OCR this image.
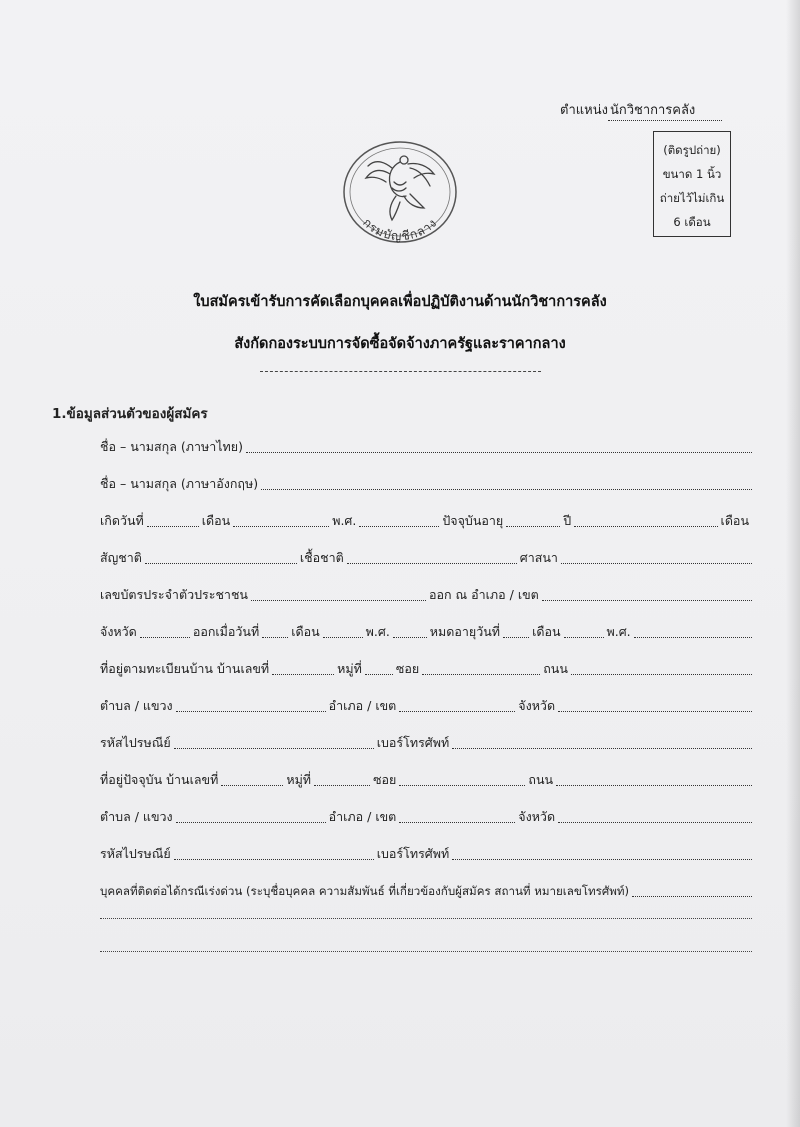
ตำแหน่ง นักวิชาการคลัง
(ติดรูปถ่าย)
ขนาด 1 นิ้ว
ถ่ายไว้ไม่เกิน
6 เดือน
กรมบัญชีกลาง
ใบสมัครเข้ารับการคัดเลือกบุคคลเพื่อปฏิบัติงานด้านนักวิชาการคลัง
สังกัดกองระบบการจัดซื้อจัดจ้างภาครัฐและราคากลาง
1.ข้อมูลส่วนตัวของผู้สมัคร
ชื่อ – นามสกุล (ภาษาไทย)
ชื่อ – นามสกุล (ภาษาอังกฤษ)
เกิดวันที่	เดือน	พ.ศ.	ปัจจุบันอายุ	ปี	เดือน
สัญชาติ	เชื้อชาติ	ศาสนา
เลขบัตรประจำตัวประชาชน	ออก ณ อำเภอ / เขต
จังหวัด	ออกเมื่อวันที่	เดือน	พ.ศ.	หมดอายุวันที่	เดือน	พ.ศ.
ที่อยู่ตามทะเบียนบ้าน บ้านเลขที่	หมู่ที่	ซอย	ถนน
ตำบล / แขวง	อำเภอ / เขต	จังหวัด
รหัสไปรษณีย์	เบอร์โทรศัพท์
ที่อยู่ปัจจุบัน บ้านเลขที่	หมู่ที่	ซอย	ถนน
ตำบล / แขวง	อำเภอ / เขต	จังหวัด
รหัสไปรษณีย์	เบอร์โทรศัพท์
บุคคลที่ติดต่อได้กรณีเร่งด่วน (ระบุชื่อบุคคล ความสัมพันธ์ ที่เกี่ยวข้องกับผู้สมัคร สถานที่ หมายเลขโทรศัพท์)
